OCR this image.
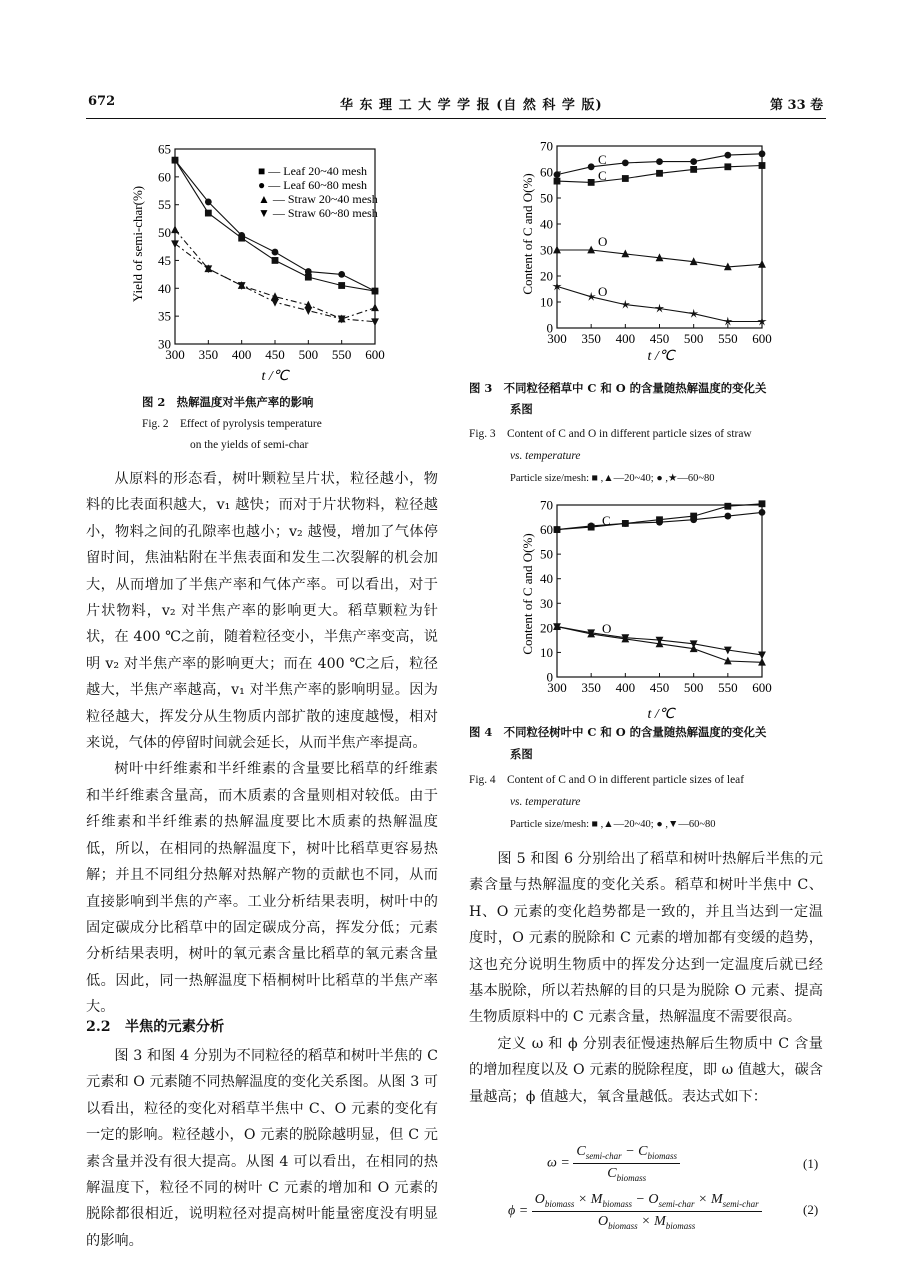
672	华 东 理 工 大 学 学 报 (自 然 科 学 版)	第 33 卷
300 350 400 450 500 550 600
30
35
40
45
50
55
60
65
Yield of semi-char(%)
t /℃
■ — Leaf 20~40 mesh
● — Leaf 60~80 mesh
▲ — Straw 20~40 mesh
▼ — Straw 60~80 mesh
图 2　热解温度对半焦产率的影响
Fig. 2　Effect of pyrolysis temperature
on the yields of semi-char
300 350 400 450 500 550 600
0
10
20
30
40
50
60
70
Content of C and O(%)
t /℃
C
C
O
O
图 3　不同粒径稻草中 C 和 O 的含量随热解温度的变化关
系图
Fig. 3　Content of C and O in different particle sizes of straw
vs. temperature
Particle size/mesh: ■ ,▲—20~40; ● ,★—60~80
300 350 400 450 500 550 600
0
10
20
30
40
50
60
70
Content of C and O(%)
t /℃
C
O
图 4　不同粒径树叶中 C 和 O 的含量随热解温度的变化关
系图
Fig. 4　Content of C and O in different particle sizes of leaf
vs. temperature
Particle size/mesh: ■ ,▲—20~40; ● ,▼—60~80

从原料的形态看，树叶颗粒呈片状，粒径越小，物料的比表面积越大，v₁ 越快；而对于片状物料，粒径越小，物料之间的孔隙率也越小；v₂ 越慢，增加了气体停留时间，焦油粘附在半焦表面和发生二次裂解的机会加大，从而增加了半焦产率和气体产率。可以看出，对于片状物料，v₂ 对半焦产率的影响更大。稻草颗粒为针状，在 400 ℃之前，随着粒径变小，半焦产率变高，说明 v₂ 对半焦产率的影响更大；而在 400 ℃之后，粒径越大，半焦产率越高，v₁ 对半焦产率的影响明显。因为粒径越大，挥发分从生物质内部扩散的速度越慢，相对来说，气体的停留时间就会延长，从而半焦产率提高。

树叶中纤维素和半纤维素的含量要比稻草的纤维素和半纤维素含量高，而木质素的含量则相对较低。由于纤维素和半纤维素的热解温度要比木质素的热解温度低，所以，在相同的热解温度下，树叶比稻草更容易热解；并且不同组分热解对热解产物的贡献也不同，从而直接影响到半焦的产率。工业分析结果表明，树叶中的固定碳成分比稻草中的固定碳成分高，挥发分低；元素分析结果表明，树叶的氧元素含量比稻草的氧元素含量低。因此，同一热解温度下梧桐树叶比稻草的半焦产率大。

2.2　半焦的元素分析

图 3 和图 4 分别为不同粒径的稻草和树叶半焦的 C 元素和 O 元素随不同热解温度的变化关系图。从图 3 可以看出，粒径的变化对稻草半焦中 C、O 元素的变化有一定的影响。粒径越小，O 元素的脱除越明显，但 C 元素含量并没有很大提高。从图 4 可以看出，在相同的热解温度下，粒径不同的树叶 C 元素的增加和 O 元素的脱除都很相近，说明粒径对提高树叶能量密度没有明显的影响。

图 5 和图 6 分别给出了稻草和树叶热解后半焦的元素含量与热解温度的变化关系。稻草和树叶半焦中 C、H、O 元素的变化趋势都是一致的，并且当达到一定温度时，O 元素的脱除和 C 元素的增加都有变缓的趋势，这也充分说明生物质中的挥发分达到一定温度后就已经基本脱除，所以若热解的目的只是为脱除 O 元素、提高生物质原料中的 C 元素含量，热解温度不需要很高。

定义 ω 和 ϕ 分别表征慢速热解后生物质中 C 含量的增加程度以及 O 元素的脱除程度，即 ω 值越大，碳含量越高；ϕ 值越大，氧含量越低。表达式如下：

$\omega = \frac{C_{semi-char} - C_{biomass}}{C_{biomass}}$	(1)
$\phi = \frac{O_{biomass} \times M_{biomass} - O_{semi-char} \times M_{semi-char}}{O_{biomass} \times M_{biomass}}$	(2)
